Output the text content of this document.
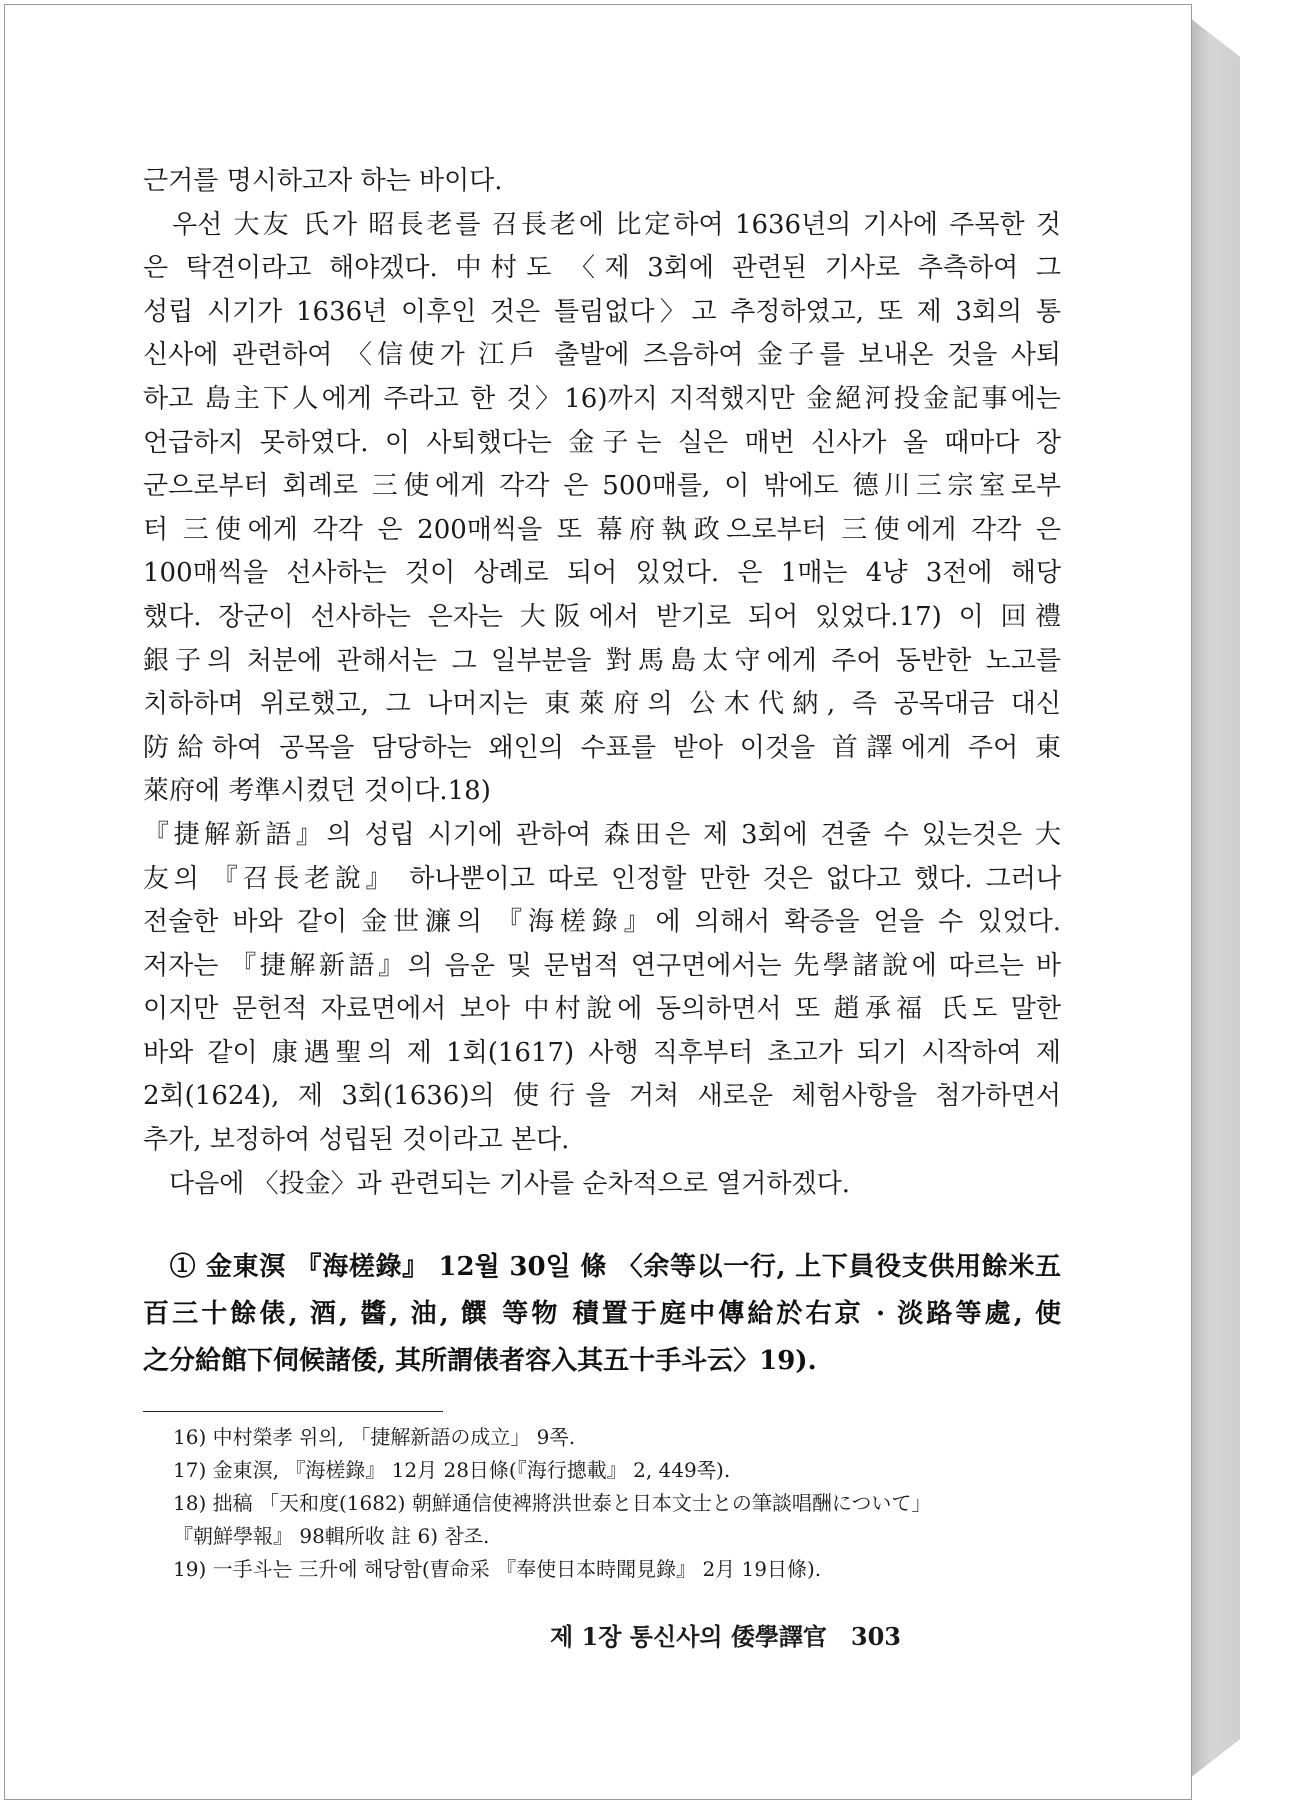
근거를 명시하고자 하는 바이다.
　우선 大友 氏가 昭長老를 召長老에 比定하여 1636년의 기사에 주목한 것
은 탁견이라고 해야겠다. 中村도 〈제 3회에 관련된 기사로 추측하여 그
성립 시기가 1636년 이후인 것은 틀림없다〉고 추정하였고, 또 제 3회의 통
신사에 관련하여 〈信使가 江戶 출발에 즈음하여 金子를 보내온 것을 사퇴
하고 島主下人에게 주라고 한 것〉16)까지 지적했지만 金絕河投金記事에는
언급하지 못하였다. 이 사퇴했다는 金子는 실은 매번 신사가 올 때마다 장
군으로부터 회례로 三使에게 각각 은 500매를, 이 밖에도 德川三宗室로부
터 三使에게 각각 은 200매씩을 또 幕府執政으로부터 三使에게 각각 은
100매씩을 선사하는 것이 상례로 되어 있었다. 은 1매는 4냥 3전에 해당
했다. 장군이 선사하는 은자는 大阪에서 받기로 되어 있었다.17) 이 回禮
銀子의 처분에 관해서는 그 일부분을 對馬島太守에게 주어 동반한 노고를
치하하며 위로했고, 그 나머지는 東萊府의 公木代納, 즉 공목대금 대신
防給하여 공목을 담당하는 왜인의 수표를 받아 이것을 首譯에게 주어 東
萊府에 考準시켰던 것이다.18)
『捷解新語』의 성립 시기에 관하여 森田은 제 3회에 견줄 수 있는것은 大
友의 『召長老說』 하나뿐이고 따로 인정할 만한 것은 없다고 했다. 그러나
전술한 바와 같이 金世濂의 『海槎錄』에 의해서 확증을 얻을 수 있었다.
저자는 『捷解新語』의 음운 및 문법적 연구면에서는 先學諸說에 따르는 바
이지만 문헌적 자료면에서 보아 中村說에 동의하면서 또 趙承福 氏도 말한
바와 같이 康遇聖의 제 1회(1617) 사행 직후부터 초고가 되기 시작하여 제
2회(1624), 제 3회(1636)의 使行을 거쳐 새로운 체험사항을 첨가하면서
추가, 보정하여 성립된 것이라고 본다.
　다음에 〈投金〉과 관련되는 기사를 순차적으로 열거하겠다.
　① 金東溟 『海槎錄』 12월 30일 條 〈余等以一行, 上下員役支供用餘米五
百三十餘俵, 酒, 醬, 油, 饌 等物 積置于庭中傳給於右京 · 淡路等處, 使
之分給館下伺候諸倭, 其所謂俵者容入其五十手斗云〉19).
16) 中村榮孝 위의, 「捷解新語の成立」 9쪽.
17) 金東溟, 『海槎錄』 12月 28日條(『海行摠載』 2, 449쪽).
18) 拙稿 「天和度(1682) 朝鮮通信使裨將洪世泰と日本文士との筆談唱酬について」
『朝鮮學報』 98輯所收 註 6) 참조.
19) 一手斗는 三升에 해당함(曺命采 『奉使日本時聞見錄』 2月 19日條).
제 1장 통신사의 倭學譯官 303
